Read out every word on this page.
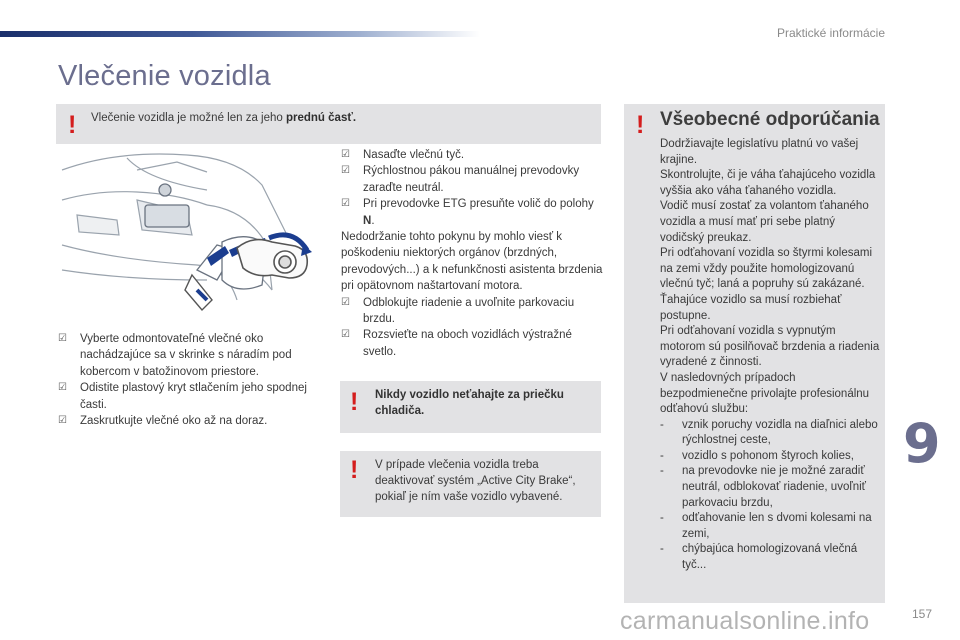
Praktické informácie
Vlečenie vozidla
! Vlečenie vozidla je možné len za jeho prednú časť.
☑ Vyberte odmontovateľné vlečné oko nachádzajúce sa v skrinke s náradím pod kobercom v batožinovom priestore.
☑ Odistite plastový kryt stlačením jeho spodnej časti.
☑ Zaskrutkujte vlečné oko až na doraz.
☑ Nasaďte vlečnú tyč.
☑ Rýchlostnou pákou manuálnej prevodovky zaraďte neutrál.
☑ Pri prevodovke ETG presuňte volič do polohy N.
Nedodržanie tohto pokynu by mohlo viesť k poškodeniu niektorých orgánov (brzdných, prevodových...) a k nefunkčnosti asistenta brzdenia pri opätovnom naštartovaní motora.
☑ Odblokujte riadenie a uvoľnite parkovaciu brzdu.
☑ Rozsvieťte na oboch vozidlách výstražné svetlo.
! Nikdy vozidlo neťahajte za priečku chladiča.
! V prípade vlečenia vozidla treba deaktivovať systém „Active City Brake“, pokiaľ je ním vaše vozidlo vybavené.
! Všeobecné odporúčania
Dodržiavajte legislatívu platnú vo vašej krajine.
Skontrolujte, či je váha ťahajúceho vozidla vyššia ako váha ťahaného vozidla.
Vodič musí zostať za volantom ťahaného vozidla a musí mať pri sebe platný vodičský preukaz.
Pri odťahovaní vozidla so štyrmi kolesami na zemi vždy použite homologizovanú vlečnú tyč; laná a popruhy sú zakázané.
Ťahajúce vozidlo sa musí rozbiehať postupne.
Pri odťahovaní vozidla s vypnutým motorom sú posilňovač brzdenia a riadenia vyradené z činnosti.
V nasledovných prípadoch bezpodmienečne privolajte profesionálnu odťahovú službu:
- vznik poruchy vozidla na diaľnici alebo rýchlostnej ceste,
- vozidlo s pohonom štyroch kolies,
- na prevodovke nie je možné zaradiť neutrál, odblokovať riadenie, uvoľniť parkovaciu brzdu,
- odťahovanie len s dvomi kolesami na zemi,
- chýbajúca homologizovaná vlečná tyč...
9
carmanualsonline.info	157
